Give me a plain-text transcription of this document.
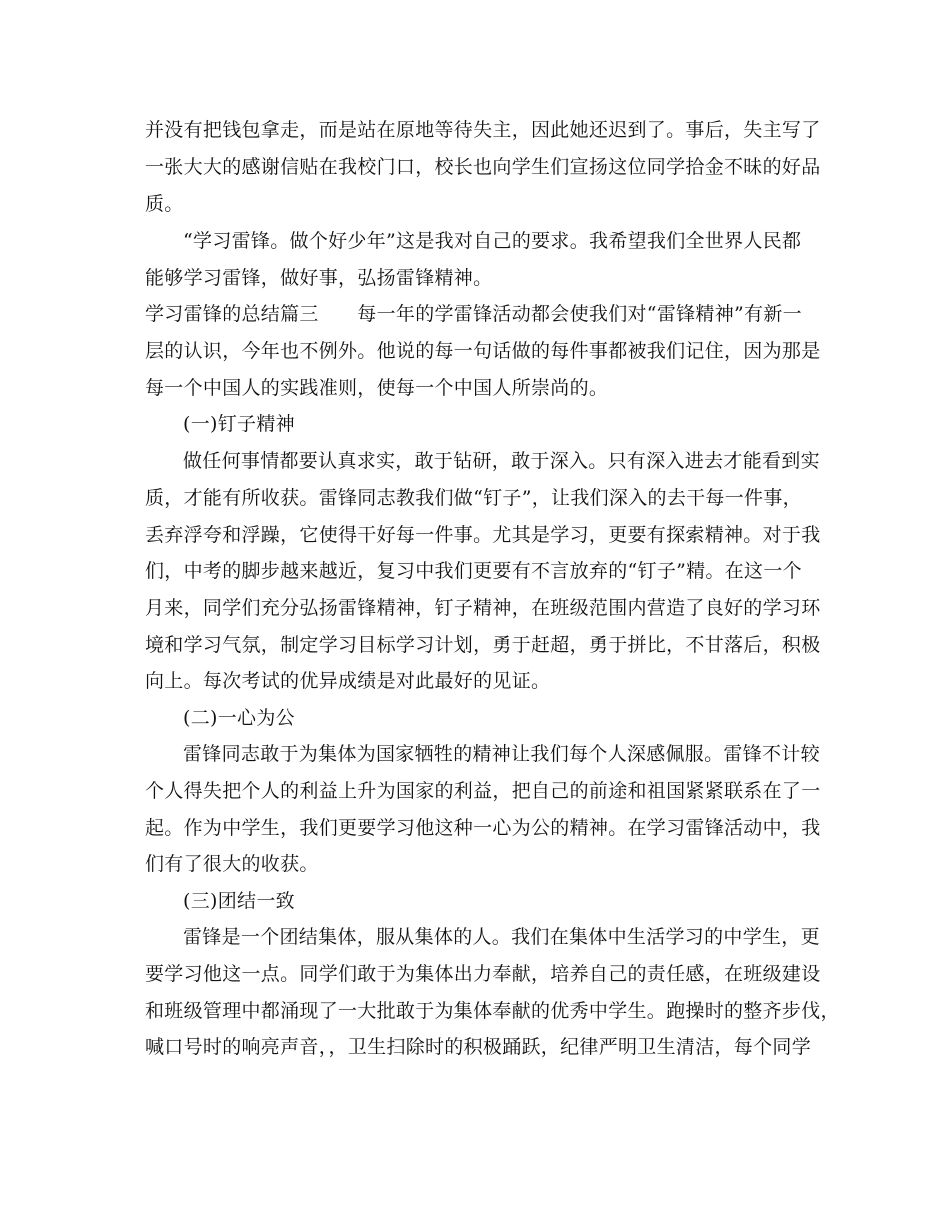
并没有把钱包拿走，而是站在原地等待失主，因此她还迟到了。事后，失主写了
一张大大的感谢信贴在我校门口，校长也向学生们宣扬这位同学拾金不昧的好品
质。
“学习雷锋。做个好少年”这是我对自己的要求。我希望我们全世界人民都
能够学习雷锋，做好事，弘扬雷锋精神。
学习雷锋的总结篇三　　每一年的学雷锋活动都会使我们对“雷锋精神”有新一
层的认识，今年也不例外。他说的每一句话做的每件事都被我们记住，因为那是
每一个中国人的实践准则，使每一个中国人所崇尚的。
(一)钉子精神
做任何事情都要认真求实，敢于钻研，敢于深入。只有深入进去才能看到实
质，才能有所收获。雷锋同志教我们做“钉子”，让我们深入的去干每一件事，
丢弃浮夸和浮躁，它使得干好每一件事。尤其是学习，更要有探索精神。对于我
们，中考的脚步越来越近，复习中我们更要有不言放弃的“钉子”精。在这一个
月来，同学们充分弘扬雷锋精神，钉子精神，在班级范围内营造了良好的学习环
境和学习气氛，制定学习目标学习计划，勇于赶超，勇于拼比，不甘落后，积极
向上。每次考试的优异成绩是对此最好的见证。
(二)一心为公
雷锋同志敢于为集体为国家牺牲的精神让我们每个人深感佩服。雷锋不计较
个人得失把个人的利益上升为国家的利益，把自己的前途和祖国紧紧联系在了一
起。作为中学生，我们更要学习他这种一心为公的精神。在学习雷锋活动中，我
们有了很大的收获。
(三)团结一致
雷锋是一个团结集体，服从集体的人。我们在集体中生活学习的中学生，更
要学习他这一点。同学们敢于为集体出力奉献，培养自己的责任感，在班级建设
和班级管理中都涌现了一大批敢于为集体奉献的优秀中学生。跑操时的整齐步伐，
喊口号时的响亮声音，，卫生扫除时的积极踊跃，纪律严明卫生清洁，每个同学
